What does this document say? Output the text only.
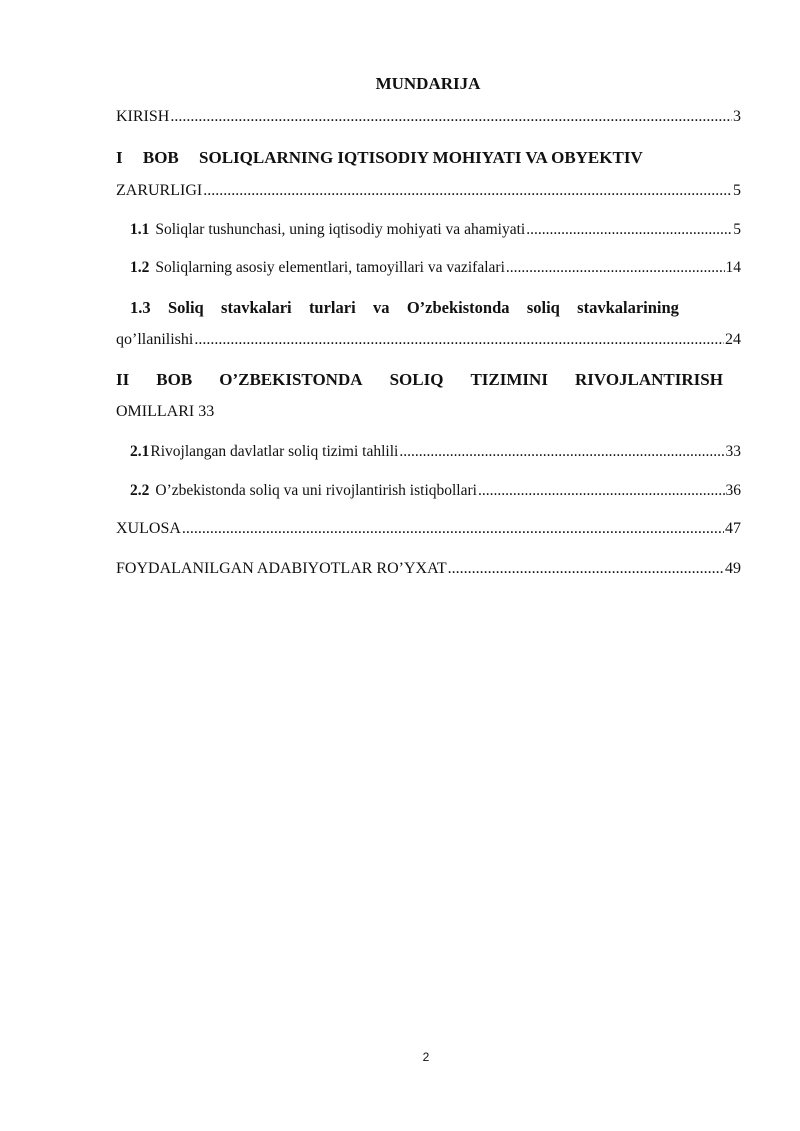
MUNDARIJA
KIRISH .....	3
I BOB SOLIQLARNING IQTISODIY MOHIYATI VA OBYEKTIV
ZARURLIGI .....	5
1.1 Soliqlar tushunchasi, uning iqtisodiy mohiyati va ahamiyati .....	5
1.2 Soliqlarning asosiy elementlari, tamoyillari va vazifalari .....	14
1.3 Soliq stavkalari turlari va O’zbekistonda soliq stavkalarining
qo’llanilishi .....	24
II BOB O’ZBEKISTONDA SOLIQ TIZIMINI RIVOJLANTIRISH
OMILLARI 33
2.1Rivojlangan davlatlar soliq tizimi tahlili .....	33
2.2 O’zbekistonda soliq va uni rivojlantirish istiqbollari .....	36
XULOSA .....	47
FOYDALANILGAN ADABIYOTLAR RO’YXAT .....	49
2
